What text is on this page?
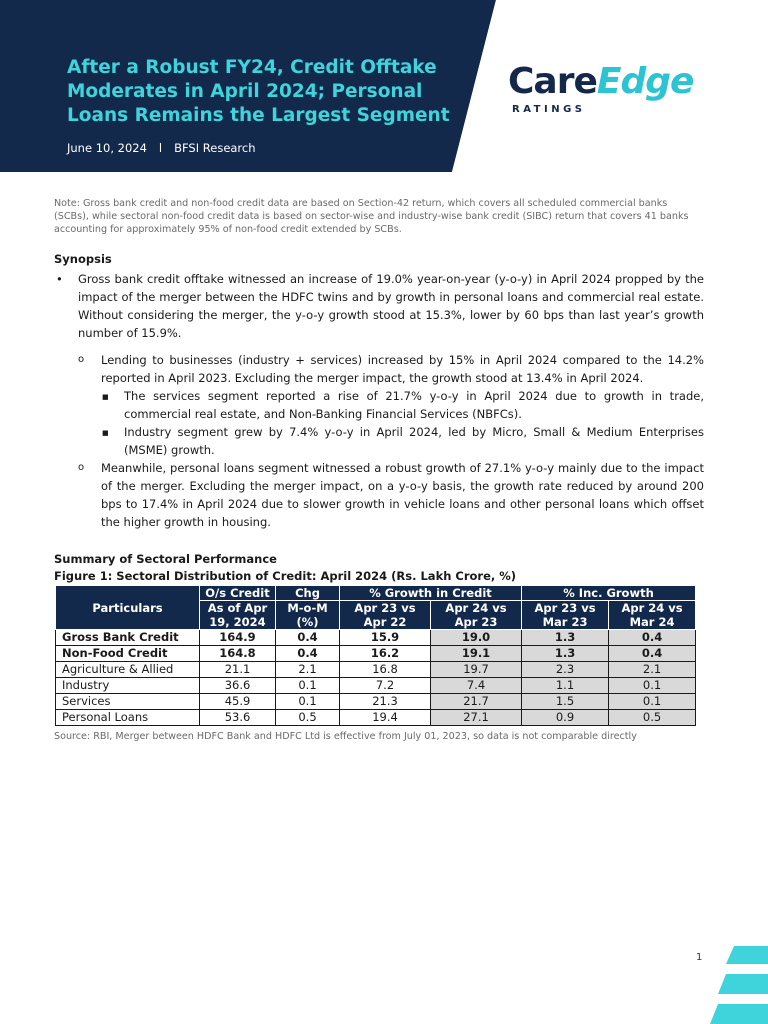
After a Robust FY24, Credit Offtake
Moderates in April 2024; Personal
Loans Remains the Largest Segment
June 10, 2024 l BFSI Research
CareEdge
RATINGS
Note: Gross bank credit and non-food credit data are based on Section-42 return, which covers all scheduled commercial banks (SCBs), while sectoral non-food credit data is based on sector-wise and industry-wise bank credit (SIBC) return that covers 41 banks accounting for approximately 95% of non-food credit extended by SCBs.
Synopsis
• Gross bank credit offtake witnessed an increase of 19.0% year-on-year (y-o-y) in April 2024 propped by the impact of the merger between the HDFC twins and by growth in personal loans and commercial real estate. Without considering the merger, the y-o-y growth stood at 15.3%, lower by 60 bps than last year’s growth number of 15.9%.
o Lending to businesses (industry + services) increased by 15% in April 2024 compared to the 14.2% reported in April 2023. Excluding the merger impact, the growth stood at 13.4% in April 2024.
■ The services segment reported a rise of 21.7% y-o-y in April 2024 due to growth in trade, commercial real estate, and Non-Banking Financial Services (NBFCs).
■ Industry segment grew by 7.4% y-o-y in April 2024, led by Micro, Small & Medium Enterprises (MSME) growth.
o Meanwhile, personal loans segment witnessed a robust growth of 27.1% y-o-y mainly due to the impact of the merger. Excluding the merger impact, on a y-o-y basis, the growth rate reduced by around 200 bps to 17.4% in April 2024 due to slower growth in vehicle loans and other personal loans which offset the higher growth in housing.
Summary of Sectoral Performance
Figure 1: Sectoral Distribution of Credit: April 2024 (Rs. Lakh Crore, %)
Particulars	O/s Credit	Chg	% Growth in Credit		% Inc. Growth	
	As of Apr 19, 2024	M-o-M (%)	Apr 23 vs Apr 22	Apr 24 vs Apr 23	Apr 23 vs Mar 23	Apr 24 vs Mar 24
Gross Bank Credit	164.9	0.4	15.9	19.0	1.3	0.4
Non-Food Credit	164.8	0.4	16.2	19.1	1.3	0.4
Agriculture & Allied	21.1	2.1	16.8	19.7	2.3	2.1
Industry	36.6	0.1	7.2	7.4	1.1	0.1
Services	45.9	0.1	21.3	21.7	1.5	0.1
Personal Loans	53.6	0.5	19.4	27.1	0.9	0.5
Source: RBI, Merger between HDFC Bank and HDFC Ltd is effective from July 01, 2023, so data is not comparable directly
1
